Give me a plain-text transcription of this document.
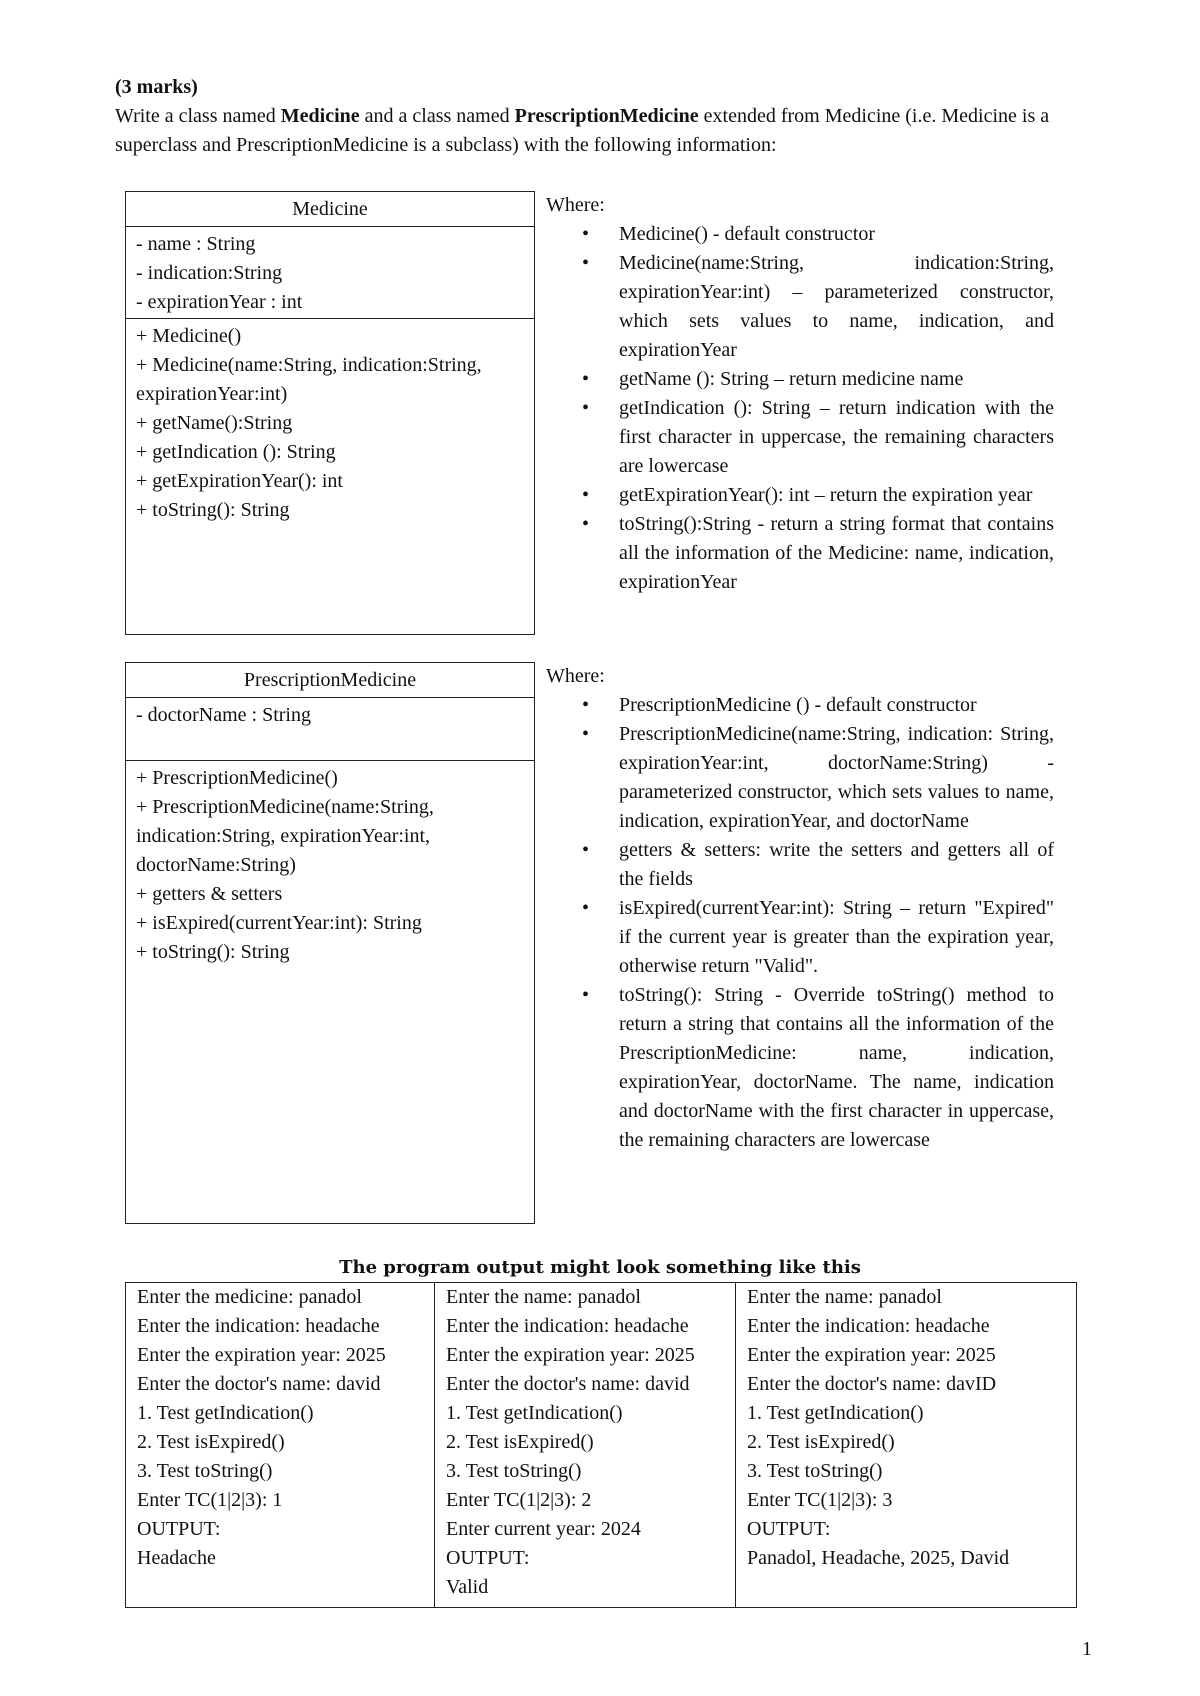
(3 marks)
Write a class named Medicine and a class named PrescriptionMedicine extended from Medicine (i.e. Medicine is a superclass and PrescriptionMedicine is a subclass) with the following information:
Medicine
- name : String
- indication:String
- expirationYear : int
+ Medicine()
+ Medicine(name:String, indication:String,
expirationYear:int)
+ getName():String
+ getIndication (): String
+ getExpirationYear(): int
+ toString(): String
Where:
• Medicine() - default constructor
• Medicine(name:String, indication:String, expirationYear:int) – parameterized constructor, which sets values to name, indication, and expirationYear
• getName (): String – return medicine name
• getIndication (): String – return indication with the first character in uppercase, the remaining characters are lowercase
• getExpirationYear(): int – return the expiration year
• toString():String - return a string format that contains all the information of the Medicine: name, indication, expirationYear
PrescriptionMedicine
- doctorName : String
+ PrescriptionMedicine()
+ PrescriptionMedicine(name:String,
indication:String, expirationYear:int,
doctorName:String)
+ getters & setters
+ isExpired(currentYear:int): String
+ toString(): String
Where:
• PrescriptionMedicine () - default constructor
• PrescriptionMedicine(name:String, indication: String, expirationYear:int, doctorName:String) - parameterized constructor, which sets values to name, indication, expirationYear, and doctorName
• getters & setters: write the setters and getters all of the fields
• isExpired(currentYear:int): String – return "Expired" if the current year is greater than the expiration year, otherwise return "Valid".
• toString(): String - Override toString() method to return a string that contains all the information of the PrescriptionMedicine: name, indication, expirationYear, doctorName. The name, indication and doctorName with the first character in uppercase, the remaining characters are lowercase
The program output might look something like this
Enter the medicine: panadol
Enter the indication: headache
Enter the expiration year: 2025
Enter the doctor's name: david
1. Test getIndication()
2. Test isExpired()
3. Test toString()
Enter TC(1|2|3): 1
OUTPUT:
Headache

Enter the name: panadol
Enter the indication: headache
Enter the expiration year: 2025
Enter the doctor's name: david
1. Test getIndication()
2. Test isExpired()
3. Test toString()
Enter TC(1|2|3): 2
Enter current year: 2024
OUTPUT:
Valid

Enter the name: panadol
Enter the indication: headache
Enter the expiration year: 2025
Enter the doctor's name: davID
1. Test getIndication()
2. Test isExpired()
3. Test toString()
Enter TC(1|2|3): 3
OUTPUT:
Panadol, Headache, 2025, David
1
